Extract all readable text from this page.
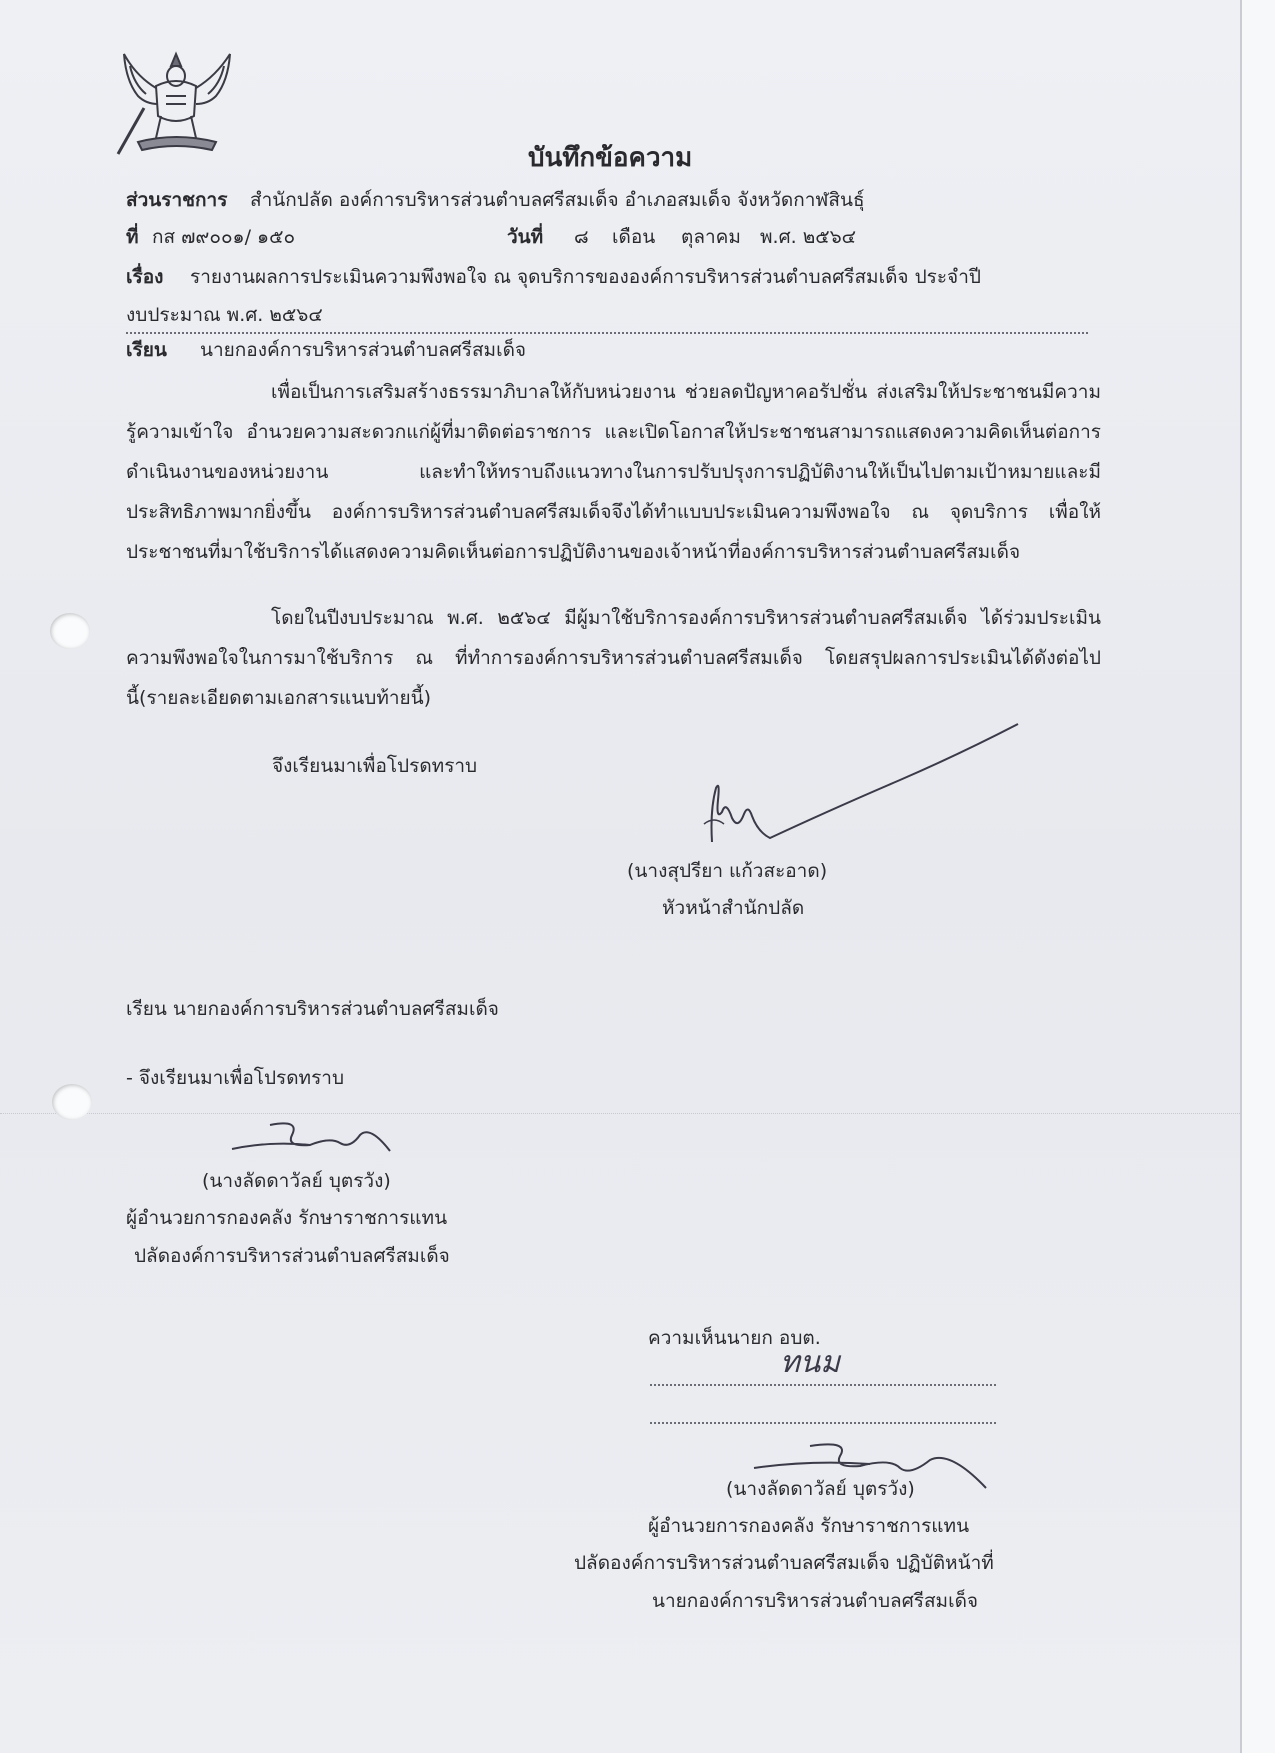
บันทึกข้อความ
ส่วนราชการ สำนักปลัด องค์การบริหารส่วนตำบลศรีสมเด็จ อำเภอสมเด็จ จังหวัดกาฬสินธุ์
ที่ กส ๗๙๐๐๑/ ๑๕๐	วันที่ ๘ เดือน ตุลาคม พ.ศ. ๒๕๖๔
เรื่อง รายงานผลการประเมินความพึงพอใจ ณ จุดบริการขององค์การบริหารส่วนตำบลศรีสมเด็จ ประจำปี
งบประมาณ พ.ศ. ๒๕๖๔
เรียน นายกองค์การบริหารส่วนตำบลศรีสมเด็จ
เพื่อเป็นการเสริมสร้างธรรมาภิบาลให้กับหน่วยงาน ช่วยลดปัญหาคอรัปชั่น ส่งเสริมให้ประชาชนมีความรู้ความเข้าใจ อำนวยความสะดวกแก่ผู้ที่มาติดต่อราชการ และเปิดโอกาสให้ประชาชนสามารถแสดงความคิดเห็นต่อการดำเนินงานของหน่วยงาน และทำให้ทราบถึงแนวทางในการปรับปรุงการปฏิบัติงานให้เป็นไปตามเป้าหมายและมีประสิทธิภาพมากยิ่งขึ้น องค์การบริหารส่วนตำบลศรีสมเด็จจึงได้ทำแบบประเมินความพึงพอใจ ณ จุดบริการ เพื่อให้ประชาชนที่มาใช้บริการได้แสดงความคิดเห็นต่อการปฏิบัติงานของเจ้าหน้าที่องค์การบริหารส่วนตำบลศรีสมเด็จ
โดยในปีงบประมาณ พ.ศ. ๒๕๖๔ มีผู้มาใช้บริการองค์การบริหารส่วนตำบลศรีสมเด็จ ได้ร่วมประเมินความพึงพอใจในการมาใช้บริการ ณ ที่ทำการองค์การบริหารส่วนตำบลศรีสมเด็จ โดยสรุปผลการประเมินได้ดังต่อไปนี้(รายละเอียดตามเอกสารแนบท้ายนี้)
จึงเรียนมาเพื่อโปรดทราบ
(นางสุปรียา แก้วสะอาด)
หัวหน้าสำนักปลัด
เรียน นายกองค์การบริหารส่วนตำบลศรีสมเด็จ
- จึงเรียนมาเพื่อโปรดทราบ
(นางลัดดาวัลย์ บุตรวัง)
ผู้อำนวยการกองคลัง รักษาราชการแทน
ปลัดองค์การบริหารส่วนตำบลศรีสมเด็จ
ความเห็นนายก อบต.
ทนม
(นางลัดดาวัลย์ บุตรวัง)
ผู้อำนวยการกองคลัง รักษาราชการแทน
ปลัดองค์การบริหารส่วนตำบลศรีสมเด็จ ปฏิบัติหน้าที่
นายกองค์การบริหารส่วนตำบลศรีสมเด็จ
